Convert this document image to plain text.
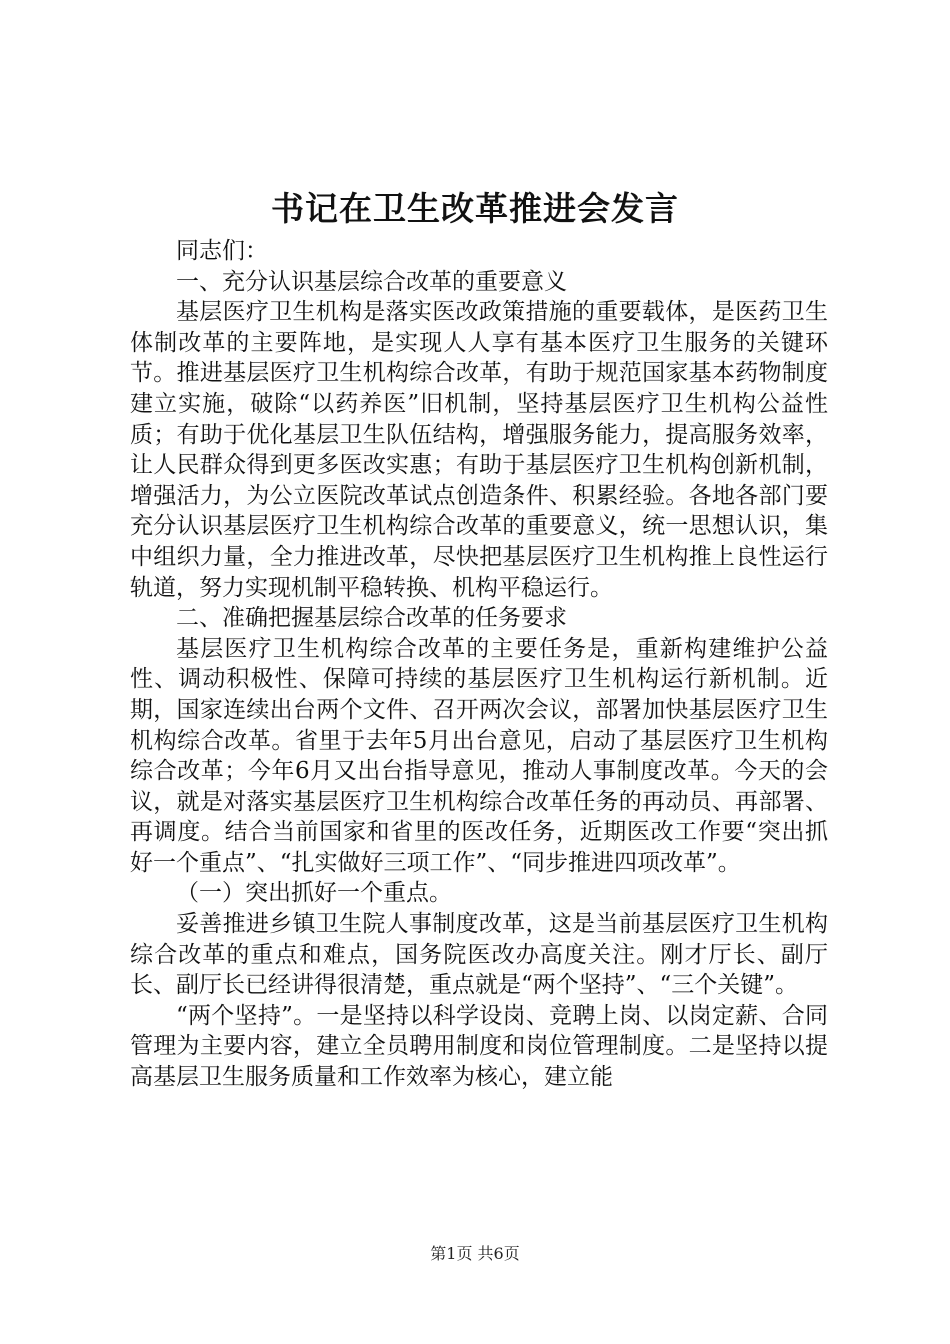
书记在卫生改革推进会发言

同志们：

一、充分认识基层综合改革的重要意义

基层医疗卫生机构是落实医改政策措施的重要载体，是医药卫生体制改革的主要阵地，是实现人人享有基本医疗卫生服务的关键环节。推进基层医疗卫生机构综合改革，有助于规范国家基本药物制度建立实施，破除“以药养医”旧机制，坚持基层医疗卫生机构公益性质；有助于优化基层卫生队伍结构，增强服务能力，提高服务效率，让人民群众得到更多医改实惠；有助于基层医疗卫生机构创新机制，增强活力，为公立医院改革试点创造条件、积累经验。各地各部门要充分认识基层医疗卫生机构综合改革的重要意义，统一思想认识，集中组织力量，全力推进改革，尽快把基层医疗卫生机构推上良性运行轨道，努力实现机制平稳转换、机构平稳运行。

二、准确把握基层综合改革的任务要求

基层医疗卫生机构综合改革的主要任务是，重新构建维护公益性、调动积极性、保障可持续的基层医疗卫生机构运行新机制。近期，国家连续出台两个文件、召开两次会议，部署加快基层医疗卫生机构综合改革。省里于去年5月出台意见，启动了基层医疗卫生机构综合改革；今年6月又出台指导意见，推动人事制度改革。今天的会议，就是对落实基层医疗卫生机构综合改革任务的再动员、再部署、再调度。结合当前国家和省里的医改任务，近期医改工作要“突出抓好一个重点”、“扎实做好三项工作”、“同步推进四项改革”。

（一）突出抓好一个重点。

妥善推进乡镇卫生院人事制度改革，这是当前基层医疗卫生机构综合改革的重点和难点，国务院医改办高度关注。刚才厅长、副厅长、副厅长已经讲得很清楚，重点就是“两个坚持”、“三个关键”。

“两个坚持”。一是坚持以科学设岗、竞聘上岗、以岗定薪、合同管理为主要内容，建立全员聘用制度和岗位管理制度。二是坚持以提高基层卫生服务质量和工作效率为核心，建立能

第1页 共6页
